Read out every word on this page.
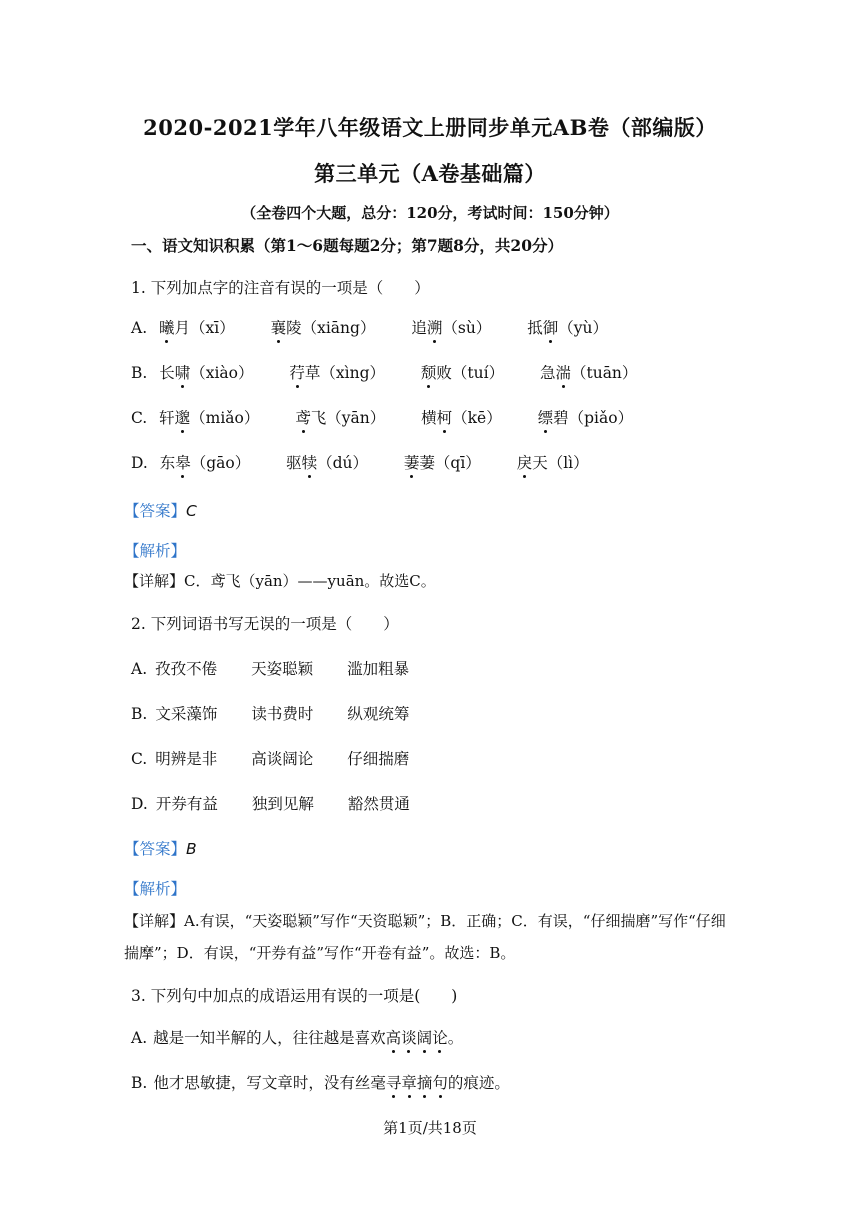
2020-2021学年八年级语文上册同步单元AB卷（部编版）
第三单元（A卷基础篇）
（全卷四个大题，总分：120分，考试时间：150分钟）
一、语文知识积累（第1～6题每题2分；第7题8分，共20分）
1. 下列加点字的注音有误的一项是（　　）
A. 曦月（xī） 襄陵（xiāng） 追溯（sù） 抵御（yù）
B. 长啸（xiào） 荇草（xìng） 颓败（tuí） 急湍（tuān）
C. 轩邈（miǎo） 鸢飞（yān） 横柯（kē） 缥碧（piǎo）
D. 东皋（gāo） 驱犊（dú） 萋萋（qī） 戾天（lì）
【答案】C
【解析】
【详解】C．鸢飞（yān）——yuān。故选C。
2. 下列词语书写无误的一项是（　　）
A. 孜孜不倦 天姿聪颖 滥加粗暴
B. 文采藻饰 读书费时 纵观统筹
C. 明辨是非 高谈阔论 仔细揣磨
D. 开券有益 独到见解 豁然贯通
【答案】B
【解析】
【详解】A.有误，“天姿聪颖”写作“天资聪颖”；B．正确；C．有误，“仔细揣磨”写作“仔细揣摩”；D．有误，“开券有益”写作“开卷有益”。故选：B。
3. 下列句中加点的成语运用有误的一项是(　　)
A. 越是一知半解的人，往往越是喜欢高谈阔论。
B. 他才思敏捷，写文章时，没有丝毫寻章摘句的痕迹。
第1页/共18页
